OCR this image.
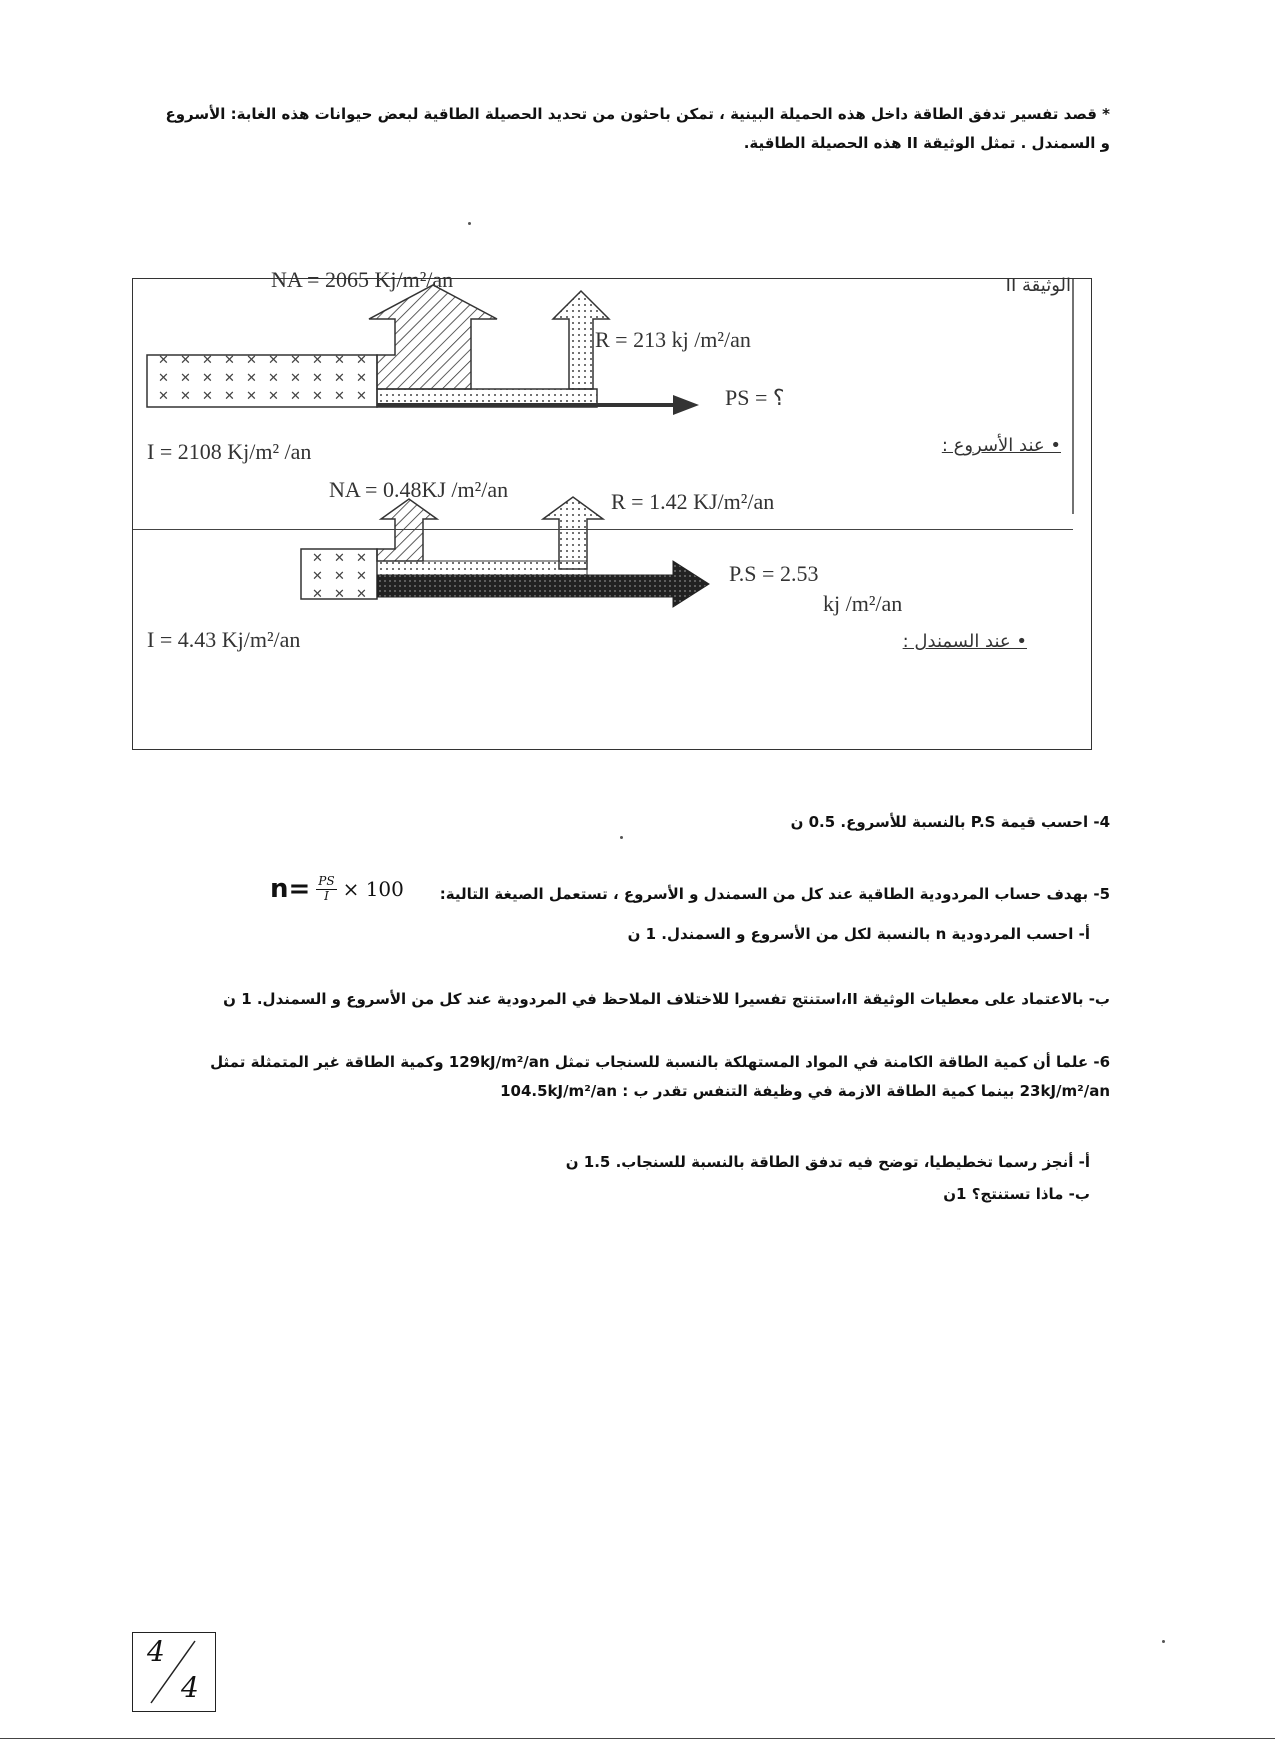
* قصد تفسير تدفق الطاقة داخل هذه الحميلة البينية ، تمكن باحثون من تحديد الحصيلة الطاقية لبعض حيوانات هذه الغابة: الأسروع و السمندل . تمثل الوثيقة II هذه الحصيلة الطاقية.
الوثيقة II
NA = 2065 Kj/m²/an
R = 213 kj /m²/an
PS = ؟
I = 2108 Kj/m² /an	• عند الأسروع :
NA = 0.48KJ /m²/an	R = 1.42 KJ/m²/an
P.S = 2.53
kj /m²/an
I = 4.43 Kj/m²/an	• عند السمندل :
4- احسب قيمة P.S بالنسبة للأسروع. 0.5 ن
5- بهدف حساب المردودية الطاقية عند كل من السمندل و الأسروع ، تستعمل الصيغة التالية:
$n= \frac{PS}{I} \times 100$
أ- احسب المردودية n بالنسبة لكل من الأسروع و السمندل. 1 ن
ب- بالاعتماد على معطيات الوثيقة II،استنتج تفسيرا للاختلاف الملاحظ في المردودية عند كل من الأسروع و السمندل. 1 ن
6- علما أن كمية الطاقة الكامنة في المواد المستهلكة بالنسبة للسنجاب تمثل 129kJ/m²/an وكمية الطاقة غير المتمثلة تمثل 23kJ/m²/an بينما كمية الطاقة الازمة في وظيفة التنفس تقدر ب : 104.5kJ/m²/an
أ- أنجز رسما تخطيطيا، توضح فيه تدفق الطاقة بالنسبة للسنجاب. 1.5 ن
ب- ماذا تستنتج؟ 1ن
4
4
